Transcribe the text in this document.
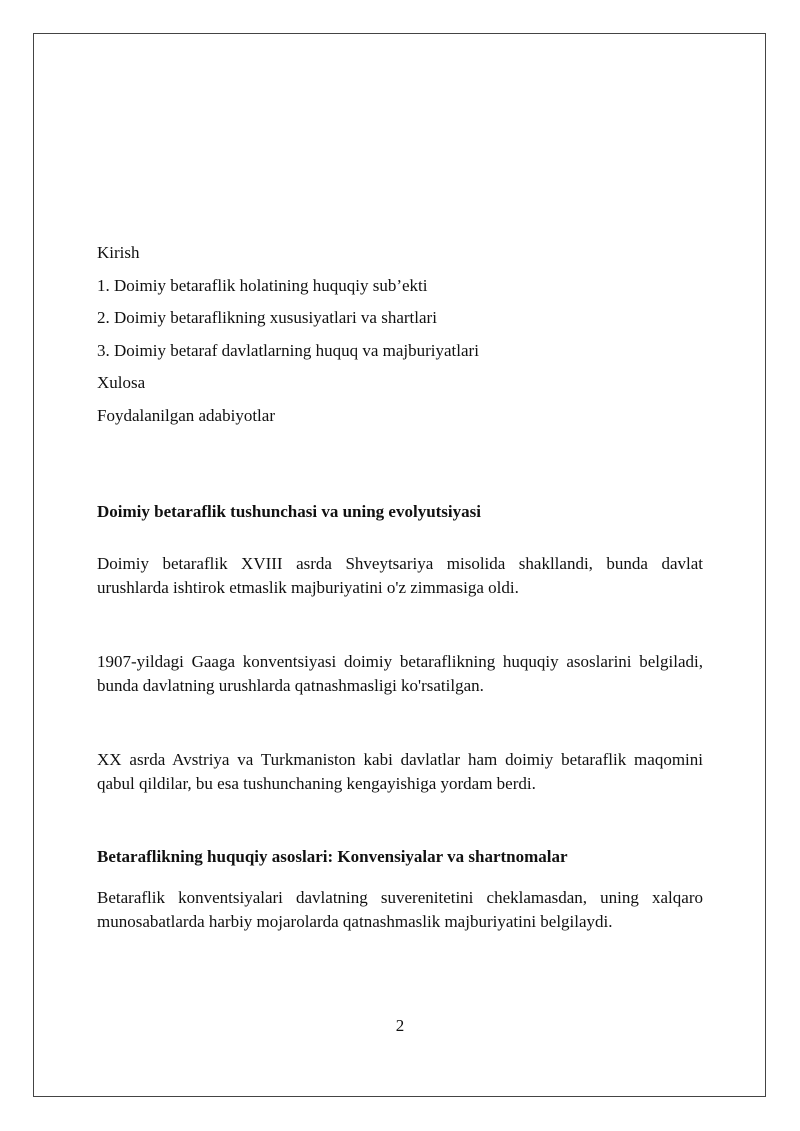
Kirish
1. Doimiy betaraflik holatining huquqiy sub’ekti
2. Doimiy betaraflikning xususiyatlari va shartlari
3. Doimiy betaraf davlatlarning huquq va majburiyatlari
Xulosa
Foydalanilgan adabiyotlar
Doimiy betaraflik tushunchasi va uning evolyutsiyasi

Doimiy betaraflik XVIII asrda Shveytsariya misolida shakllandi, bunda davlat urushlarda ishtirok etmaslik majburiyatini o'z zimmasiga oldi.

1907-yildagi Gaaga konventsiyasi doimiy betaraflikning huquqiy asoslarini belgiladi, bunda davlatning urushlarda qatnashmasligi ko'rsatilgan.

XX asrda Avstriya va Turkmaniston kabi davlatlar ham doimiy betaraflik maqomini qabul qildilar, bu esa tushunchaning kengayishiga yordam berdi.

Betaraflikning huquqiy asoslari: Konvensiyalar va shartnomalar

Betaraflik konventsiyalari davlatning suverenitetini cheklamasdan, uning xalqaro munosabatlarda harbiy mojarolarda qatnashmaslik majburiyatini belgilaydi.

2
